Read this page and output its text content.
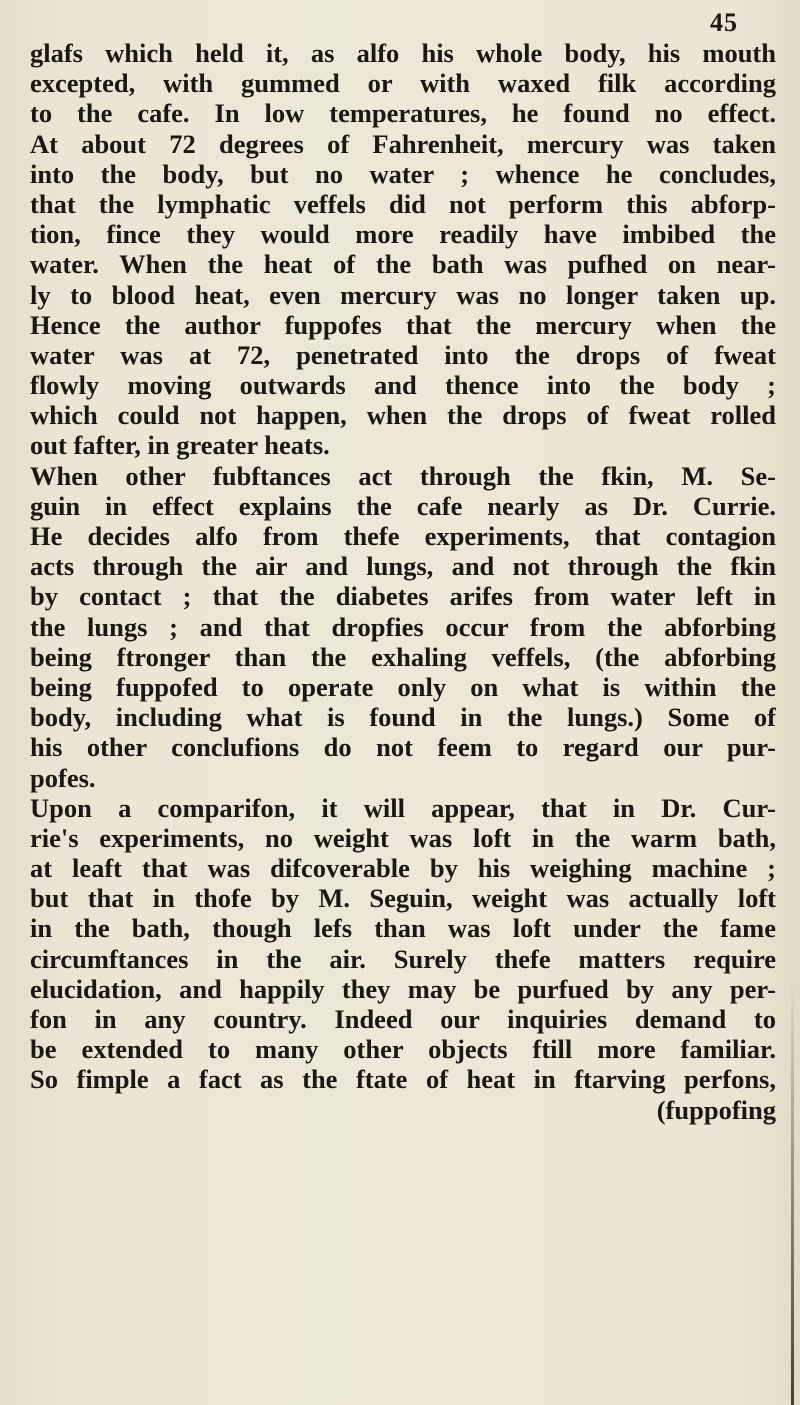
45
glafs which held it, as alfo his whole body, his mouth
excepted, with gummed or with waxed filk according
to the cafe. In low temperatures, he found no effect.
At about 72 degrees of Fahrenheit, mercury was taken
into the body, but no water ; whence he concludes,
that the lymphatic veffels did not perform this abforp-
tion, fince they would more readily have imbibed the
water. When the heat of the bath was pufhed on near-
ly to blood heat, even mercury was no longer taken up.
Hence the author fuppofes that the mercury when the
water was at 72, penetrated into the drops of fweat
flowly moving outwards and thence into the body ;
which could not happen, when the drops of fweat rolled
out fafter, in greater heats.
When other fubftances act through the fkin, M. Se-
guin in effect explains the cafe nearly as Dr. Currie.
He decides alfo from thefe experiments, that contagion
acts through the air and lungs, and not through the fkin
by contact ; that the diabetes arifes from water left in
the lungs ; and that dropfies occur from the abforbing
being ftronger than the exhaling veffels, (the abforbing
being fuppofed to operate only on what is within the
body, including what is found in the lungs.) Some of
his other conclufions do not feem to regard our pur-
pofes.
Upon a comparifon, it will appear, that in Dr. Cur-
rie's experiments, no weight was loft in the warm bath,
at leaft that was difcoverable by his weighing machine ;
but that in thofe by M. Seguin, weight was actually loft
in the bath, though lefs than was loft under the fame
circumftances in the air. Surely thefe matters require
elucidation, and happily they may be purfued by any per-
fon in any country. Indeed our inquiries demand to
be extended to many other objects ftill more familiar.
So fimple a fact as the ftate of heat in ftarving perfons,
(fuppofing
